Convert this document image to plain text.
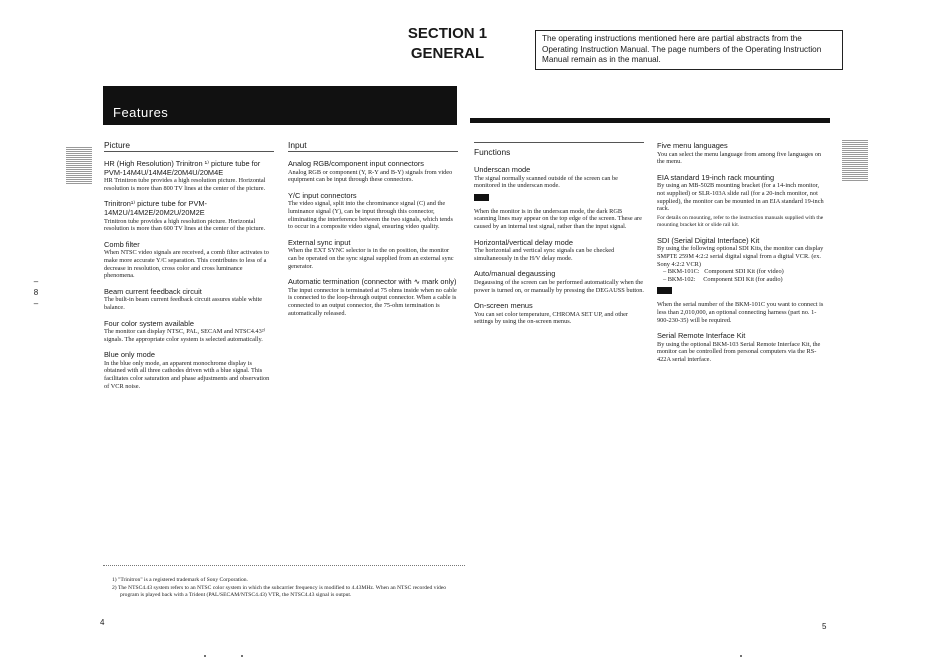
SECTION 1
GENERAL
The operating instructions mentioned here are partial abstracts from the Operating Instruction Manual. The page numbers of the Operating Instruction Manual remain as in the manual.
Features
–
8
–
Picture
HR (High Resolution) Trinitron ¹⁾ picture tube for PVM-14M4U/14M4E/20M4U/20M4E
HR Trinitron tube provides a high resolution picture. Horizontal resolution is more than 800 TV lines at the center of the picture.
Trinitron¹⁾ picture tube for PVM-14M2U/14M2E/20M2U/20M2E
Trinitron tube provides a high resolution picture. Horizontal resolution is more than 600 TV lines at the center of the picture.
Comb filter
When NTSC video signals are received, a comb filter activates to make more accurate Y/C separation. This contributes to less of a decrease in resolution, cross color and cross luminance phenomena.
Beam current feedback circuit
The built-in beam current feedback circuit assures stable white balance.
Four color system available
The monitor can display NTSC, PAL, SECAM and NTSC4.43²⁾ signals. The appropriate color system is selected automatically.
Blue only mode
In the blue only mode, an apparent monochrome display is obtained with all three cathodes driven with a blue signal. This facilitates color saturation and phase adjustments and observation of VCR noise.
Input
Analog RGB/component input connectors
Analog RGB or component (Y, R-Y and B-Y) signals from video equipment can be input through these connectors.
Y/C input connectors
The video signal, split into the chrominance signal (C) and the luminance signal (Y), can be input through this connector, eliminating the interference between the two signals, which tends to occur in a composite video signal, ensuring video quality.
External sync input
When the EXT SYNC selector is in the on position, the monitor can be operated on the sync signal supplied from an external sync generator.
Automatic termination (connector with ∿ mark only)
The input connector is terminated at 75 ohms inside when no cable is connected to the loop-through output connector. When a cable is connected to an output connector, the 75-ohm termination is automatically released.
Functions
Underscan mode
The signal normally scanned outside of the screen can be monitored in the underscan mode.
When the monitor is in the underscan mode, the dark RGB scanning lines may appear on the top edge of the screen. These are caused by an internal test signal, rather than the input signal.
Horizontal/vertical delay mode
The horizontal and vertical sync signals can be checked simultaneously in the H/V delay mode.
Auto/manual degaussing
Degaussing of the screen can be performed automatically when the power is turned on, or manually by pressing the DEGAUSS button.
On-screen menus
You can set color temperature, CHROMA SET UP, and other settings by using the on-screen menus.
Five menu languages
You can select the menu language from among five languages on the menu.
EIA standard 19-inch rack mounting
By using an MB-502B mounting bracket (for a 14-inch monitor, not supplied) or SLR-103A slide rail (for a 20-inch monitor, not supplied), the monitor can be mounted in an EIA standard 19-inch rack.
For details on mounting, refer to the instruction manuals supplied with the mounting bracket kit or slide rail kit.
SDI (Serial Digital Interface) Kit
By using the following optional SDI Kits, the monitor can display SMPTE 259M 4:2:2 serial digital signal from a digital VCR. (ex. Sony 4:2:2 VCR)
– BKM-101C:   Component SDI Kit (for video)
– BKM-102:     Component SDI Kit (for audio)
When the serial number of the BKM-101C you want to connect is less than 2,010,000, an optional connecting harness (part no. 1-900-230-35) will be required.
Serial Remote Interface Kit
By using the optional BKM-103 Serial Remote Interface Kit, the monitor can be controlled from personal computers via the RS-422A serial interface.
1) "Trinitron" is a registered trademark of Sony Corporation.
2) The NTSC4.43 system refers to an NTSC color system in which the subcarrier frequency is modified to 4.43MHz. When an NTSC recorded video program is played back with a Trident (PAL/SECAM/NTSC4.43) VTR, the NTSC4.43 signal is output.
4	5
